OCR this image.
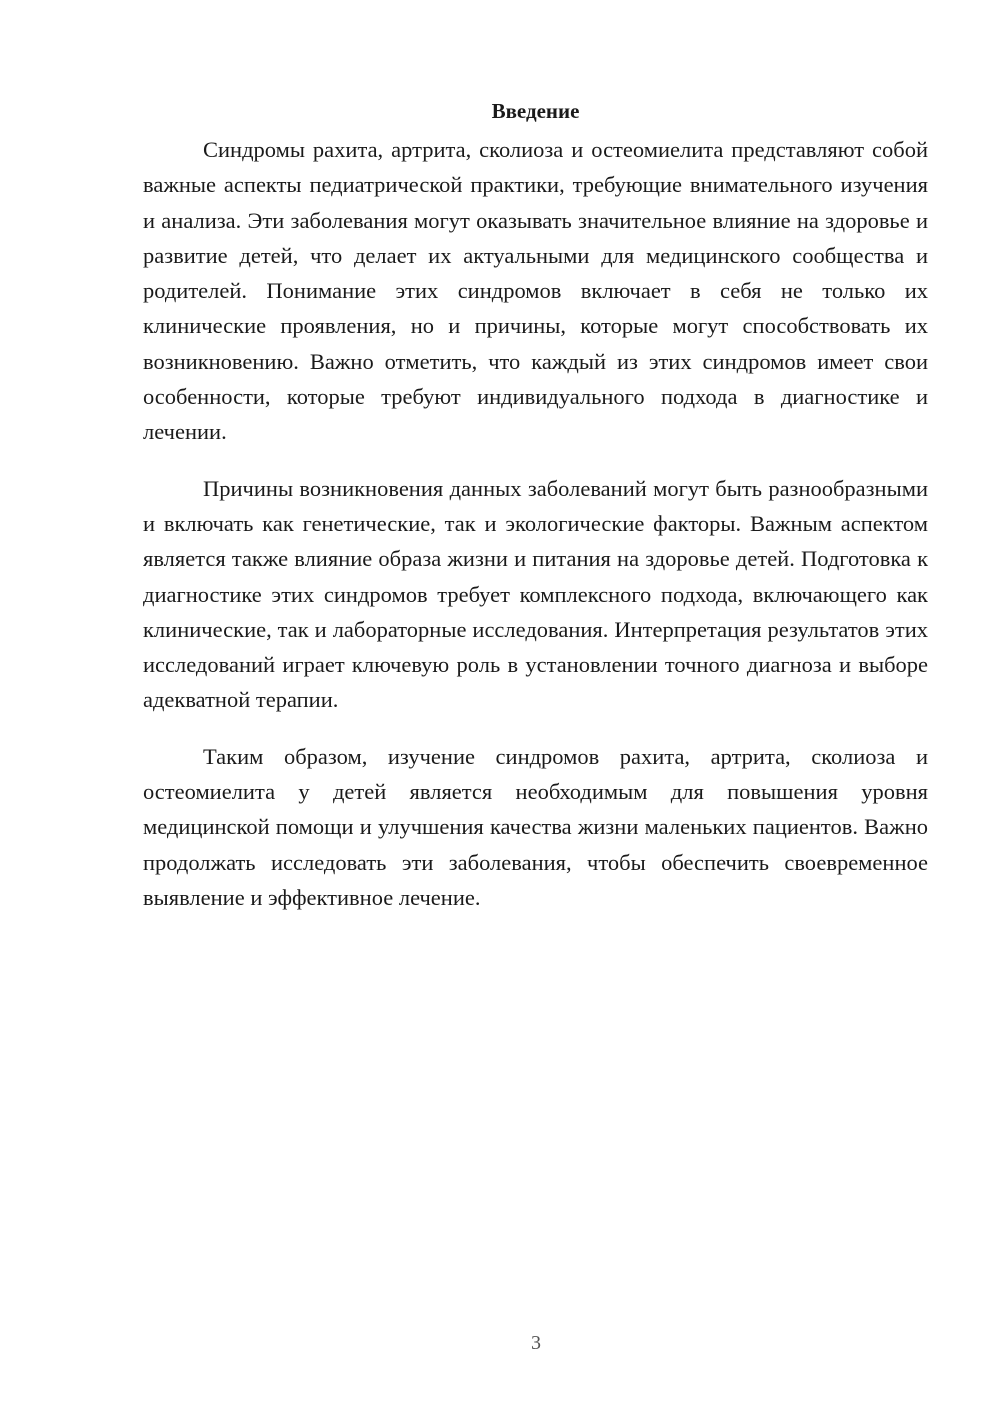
Введение

Синдромы рахита, артрита, сколиоза и остеомиелита представляют собой важные аспекты педиатрической практики, требующие внимательного изучения и анализа. Эти заболевания могут оказывать значительное влияние на здоровье и развитие детей, что делает их актуальными для медицинского сообщества и родителей. Понимание этих синдромов включает в себя не только их клинические проявления, но и причины, которые могут способствовать их возникновению. Важно отметить, что каждый из этих синдромов имеет свои особенности, которые требуют индивидуального подхода в диагностике и лечении.

Причины возникновения данных заболеваний могут быть разнообразными и включать как генетические, так и экологические факторы. Важным аспектом является также влияние образа жизни и питания на здоровье детей. Подготовка к диагностике этих синдромов требует комплексного подхода, включающего как клинические, так и лабораторные исследования. Интерпретация результатов этих исследований играет ключевую роль в установлении точного диагноза и выборе адекватной терапии.

Таким образом, изучение синдромов рахита, артрита, сколиоза и остеомиелита у детей является необходимым для повышения уровня медицинской помощи и улучшения качества жизни маленьких пациентов. Важно продолжать исследовать эти заболевания, чтобы обеспечить своевременное выявление и эффективное лечение.

3
